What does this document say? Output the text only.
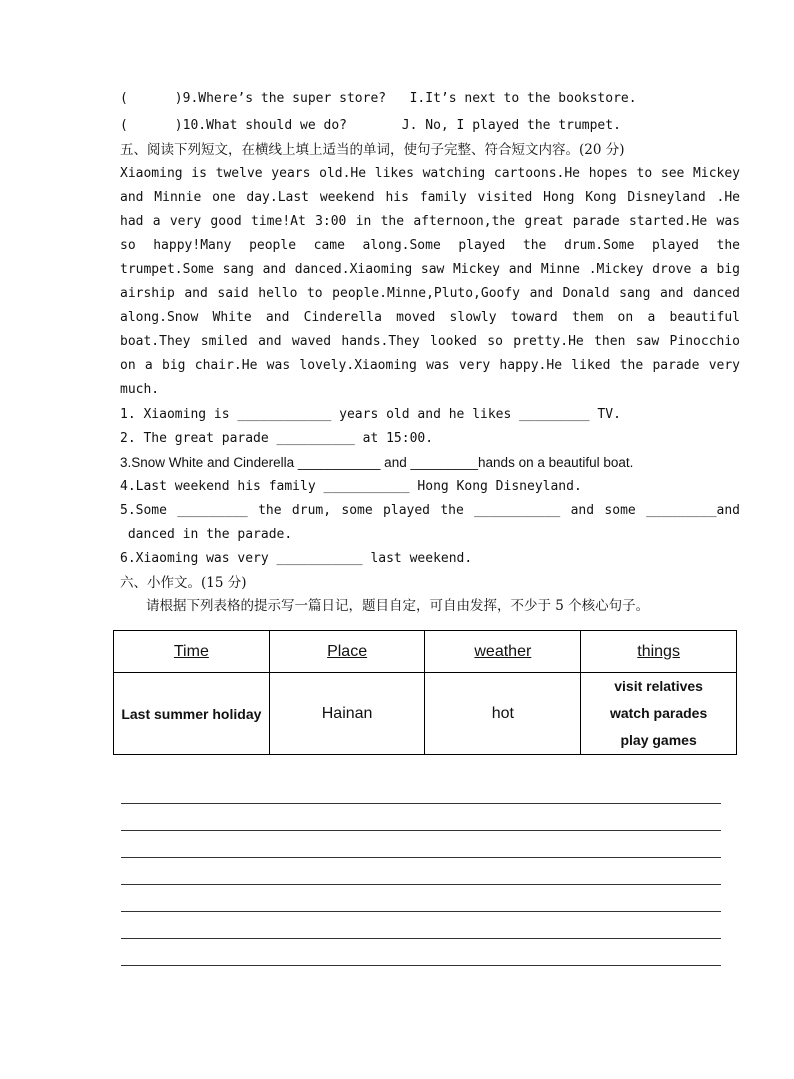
(      )9.Where’s the super store?   I.It’s next to the bookstore.
(      )10.What should we do?       J. No, I played the trumpet.
五、阅读下列短文，在横线上填上适当的单词，使句子完整、符合短文内容。(20 分)
Xiaoming is twelve years old.He likes watching cartoons.He hopes to see Mickey
and Minnie one day.Last weekend his family visited Hong Kong Disneyland .He
had a very good time!At 3:00 in the afternoon,the great parade started.He was
so happy!Many people came along.Some played the drum.Some played the
trumpet.Some sang and danced.Xiaoming saw Mickey and Minne .Mickey drove a big
airship and said hello to people.Minne,Pluto,Goofy and Donald sang and danced
along.Snow White and Cinderella moved slowly toward them on a beautiful
boat.They smiled and waved hands.They looked so pretty.He then saw Pinocchio
on a big chair.He was lovely.Xiaoming was very happy.He liked the parade very
much.
1. Xiaoming is ____________ years old and he likes _________ TV.
2. The great parade __________ at 15:00.
3.Snow White and Cinderella ___________ and _________hands on a beautiful boat.
4.Last weekend his family ___________ Hong Kong Disneyland.
5.Some _________ the drum, some played the ___________ and some _________and
danced in the parade.
6.Xiaoming was very ___________ last weekend.
六、小作文。(15 分)
请根据下列表格的提示写一篇日记，题目自定，可自由发挥，不少于 5 个核心句子。
Time	Place	weather	things
Last summer holiday	Hainan	hot	visit relatives
watch parades
play games
